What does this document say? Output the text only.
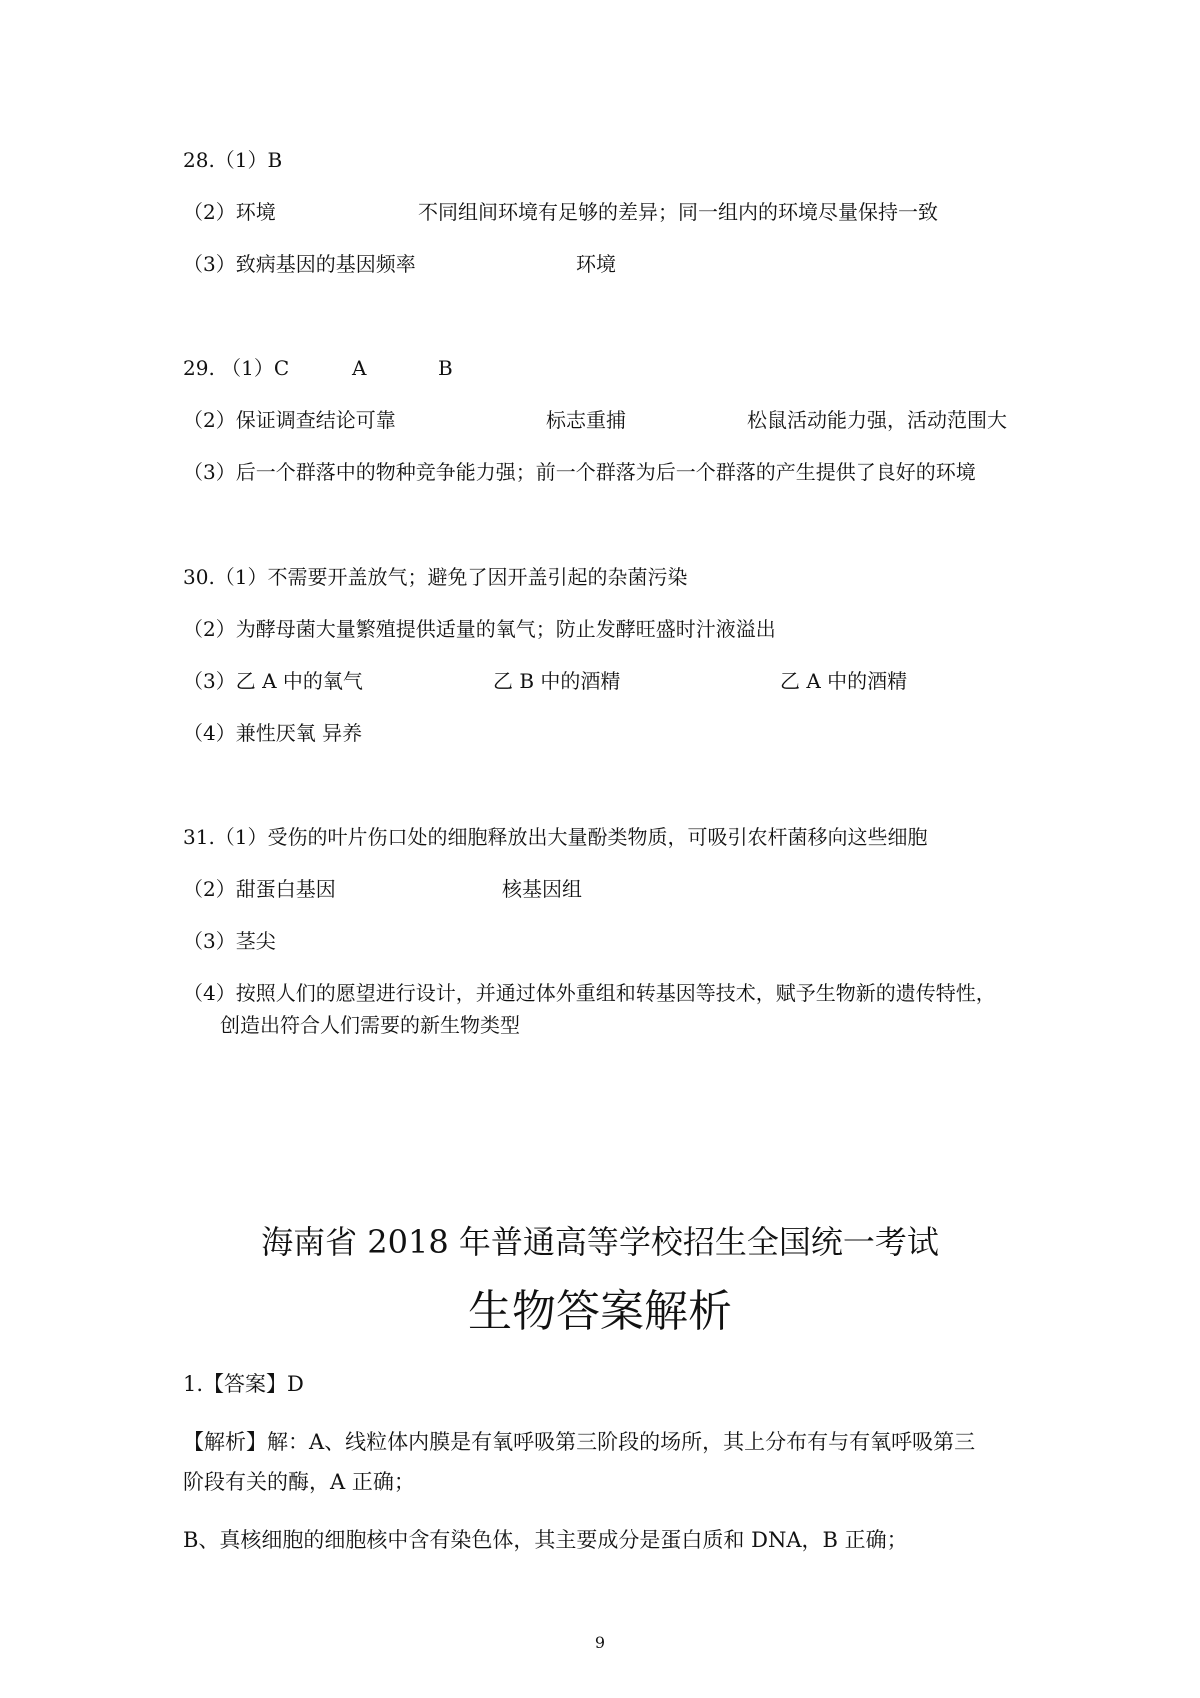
28.（1）B
（2）环境	不同组间环境有足够的差异；同一组内的环境尽量保持一致
（3）致病基因的基因频率	环境
29. （1）C	A	B
（2）保证调查结论可靠	标志重捕	松鼠活动能力强，活动范围大
（3）后一个群落中的物种竞争能力强；前一个群落为后一个群落的产生提供了良好的环境
30.（1）不需要开盖放气；避免了因开盖引起的杂菌污染
（2）为酵母菌大量繁殖提供适量的氧气；防止发酵旺盛时汁液溢出
（3）乙 A 中的氧气	乙 B 中的酒精	乙 A 中的酒精
（4）兼性厌氧 异养
31.（1）受伤的叶片伤口处的细胞释放出大量酚类物质，可吸引农杆菌移向这些细胞
（2）甜蛋白基因	核基因组
（3）茎尖
（4）按照人们的愿望进行设计，并通过体外重组和转基因等技术，赋予生物新的遗传特性，
创造出符合人们需要的新生物类型
海南省 2018 年普通高等学校招生全国统一考试
生物答案解析
1.【答案】D
【解析】解：A、线粒体内膜是有氧呼吸第三阶段的场所，其上分布有与有氧呼吸第三
阶段有关的酶，A 正确；
B、真核细胞的细胞核中含有染色体，其主要成分是蛋白质和 DNA，B 正确；
9
